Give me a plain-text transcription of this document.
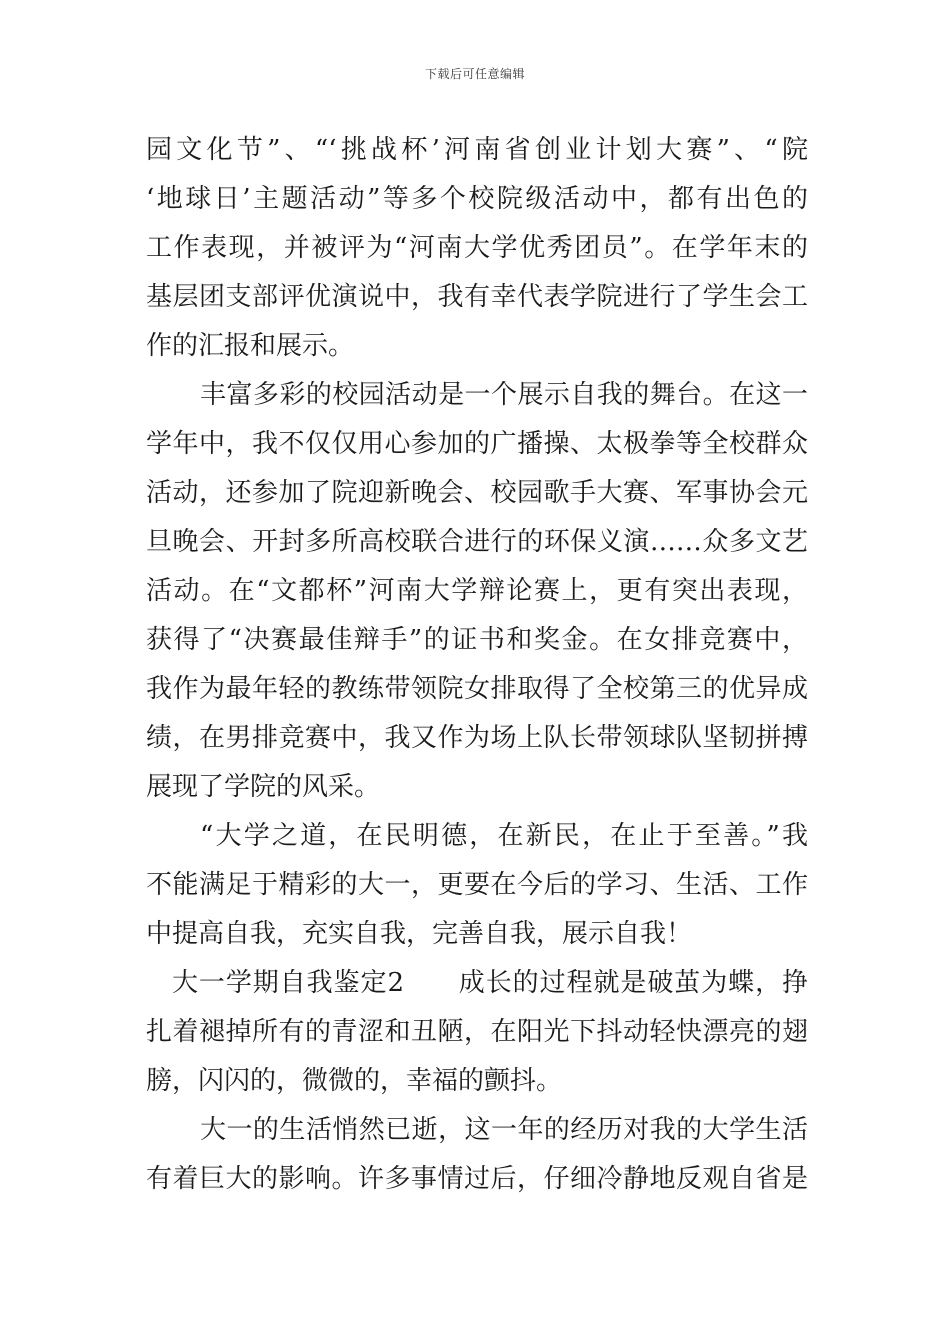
下载后可任意编辑
园文化节”、“‘挑战杯’河南省创业计划大赛”、“院
‘地球日’主题活动”等多个校院级活动中，都有出色的
工作表现，并被评为“河南大学优秀团员”。在学年末的
基层团支部评优演说中，我有幸代表学院进行了学生会工
作的汇报和展示。
丰富多彩的校园活动是一个展示自我的舞台。在这一
学年中，我不仅仅用心参加的广播操、太极拳等全校群众
活动，还参加了院迎新晚会、校园歌手大赛、军事协会元
旦晚会、开封多所高校联合进行的环保义演……众多文艺
活动。在“文都杯”河南大学辩论赛上，更有突出表现，
获得了“决赛最佳辩手”的证书和奖金。在女排竞赛中，
我作为最年轻的教练带领院女排取得了全校第三的优异成
绩，在男排竞赛中，我又作为场上队长带领球队坚韧拼搏
展现了学院的风采。
“大学之道，在民明德，在新民，在止于至善。”我
不能满足于精彩的大一，更要在今后的学习、生活、工作
中提高自我，充实自我，完善自我，展示自我！
大一学期自我鉴定2　　成长的过程就是破茧为蝶，挣
扎着褪掉所有的青涩和丑陋，在阳光下抖动轻快漂亮的翅
膀，闪闪的，微微的，幸福的颤抖。
大一的生活悄然已逝，这一年的经历对我的大学生活
有着巨大的影响。许多事情过后，仔细冷静地反观自省是
